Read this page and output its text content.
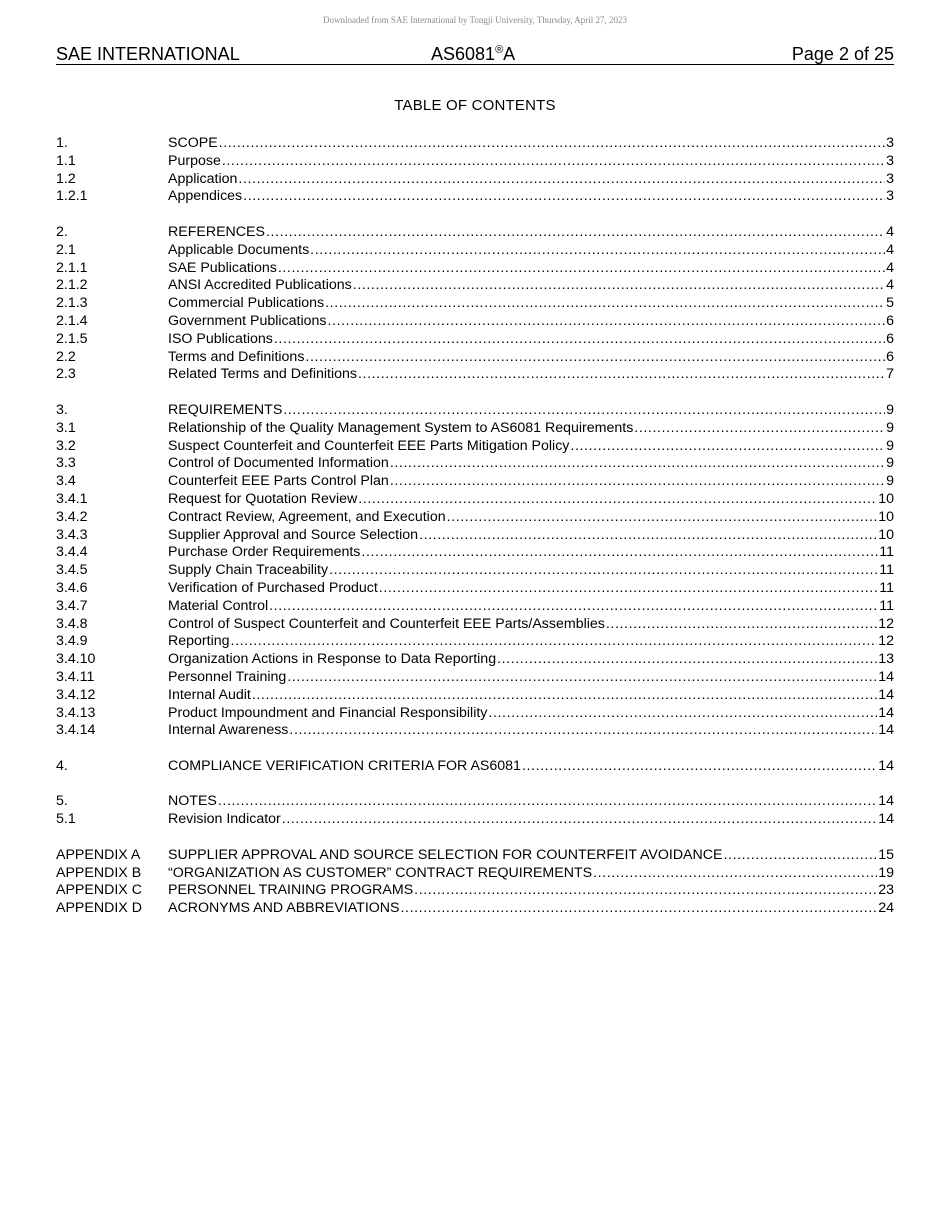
Downloaded from SAE International by Tongji University, Thursday, April 27, 2023
SAE INTERNATIONAL	AS6081®A	Page 2 of 25
TABLE OF CONTENTS
1.	SCOPE .....	3
1.1	Purpose .....	3
1.2	Application .....	3
1.2.1	Appendices .....	3
2.	REFERENCES .....	4
2.1	Applicable Documents .....	4
2.1.1	SAE Publications .....	4
2.1.2	ANSI Accredited Publications .....	4
2.1.3	Commercial Publications .....	5
2.1.4	Government Publications .....	6
2.1.5	ISO Publications .....	6
2.2	Terms and Definitions .....	6
2.3	Related Terms and Definitions .....	7
3.	REQUIREMENTS .....	9
3.1	Relationship of the Quality Management System to AS6081 Requirements .....	9
3.2	Suspect Counterfeit and Counterfeit EEE Parts Mitigation Policy .....	9
3.3	Control of Documented Information .....	9
3.4	Counterfeit EEE Parts Control Plan .....	9
3.4.1	Request for Quotation Review .....	10
3.4.2	Contract Review, Agreement, and Execution .....	10
3.4.3	Supplier Approval and Source Selection .....	10
3.4.4	Purchase Order Requirements .....	11
3.4.5	Supply Chain Traceability .....	11
3.4.6	Verification of Purchased Product .....	11
3.4.7	Material Control .....	11
3.4.8	Control of Suspect Counterfeit and Counterfeit EEE Parts/Assemblies .....	12
3.4.9	Reporting .....	12
3.4.10	Organization Actions in Response to Data Reporting .....	13
3.4.11	Personnel Training .....	14
3.4.12	Internal Audit .....	14
3.4.13	Product Impoundment and Financial Responsibility .....	14
3.4.14	Internal Awareness .....	14
4.	COMPLIANCE VERIFICATION CRITERIA FOR AS6081 .....	14
5.	NOTES .....	14
5.1	Revision Indicator .....	14
APPENDIX A	SUPPLIER APPROVAL AND SOURCE SELECTION FOR COUNTERFEIT AVOIDANCE .....	15
APPENDIX B	“ORGANIZATION AS CUSTOMER” CONTRACT REQUIREMENTS .....	19
APPENDIX C	PERSONNEL TRAINING PROGRAMS .....	23
APPENDIX D	ACRONYMS AND ABBREVIATIONS .....	24
